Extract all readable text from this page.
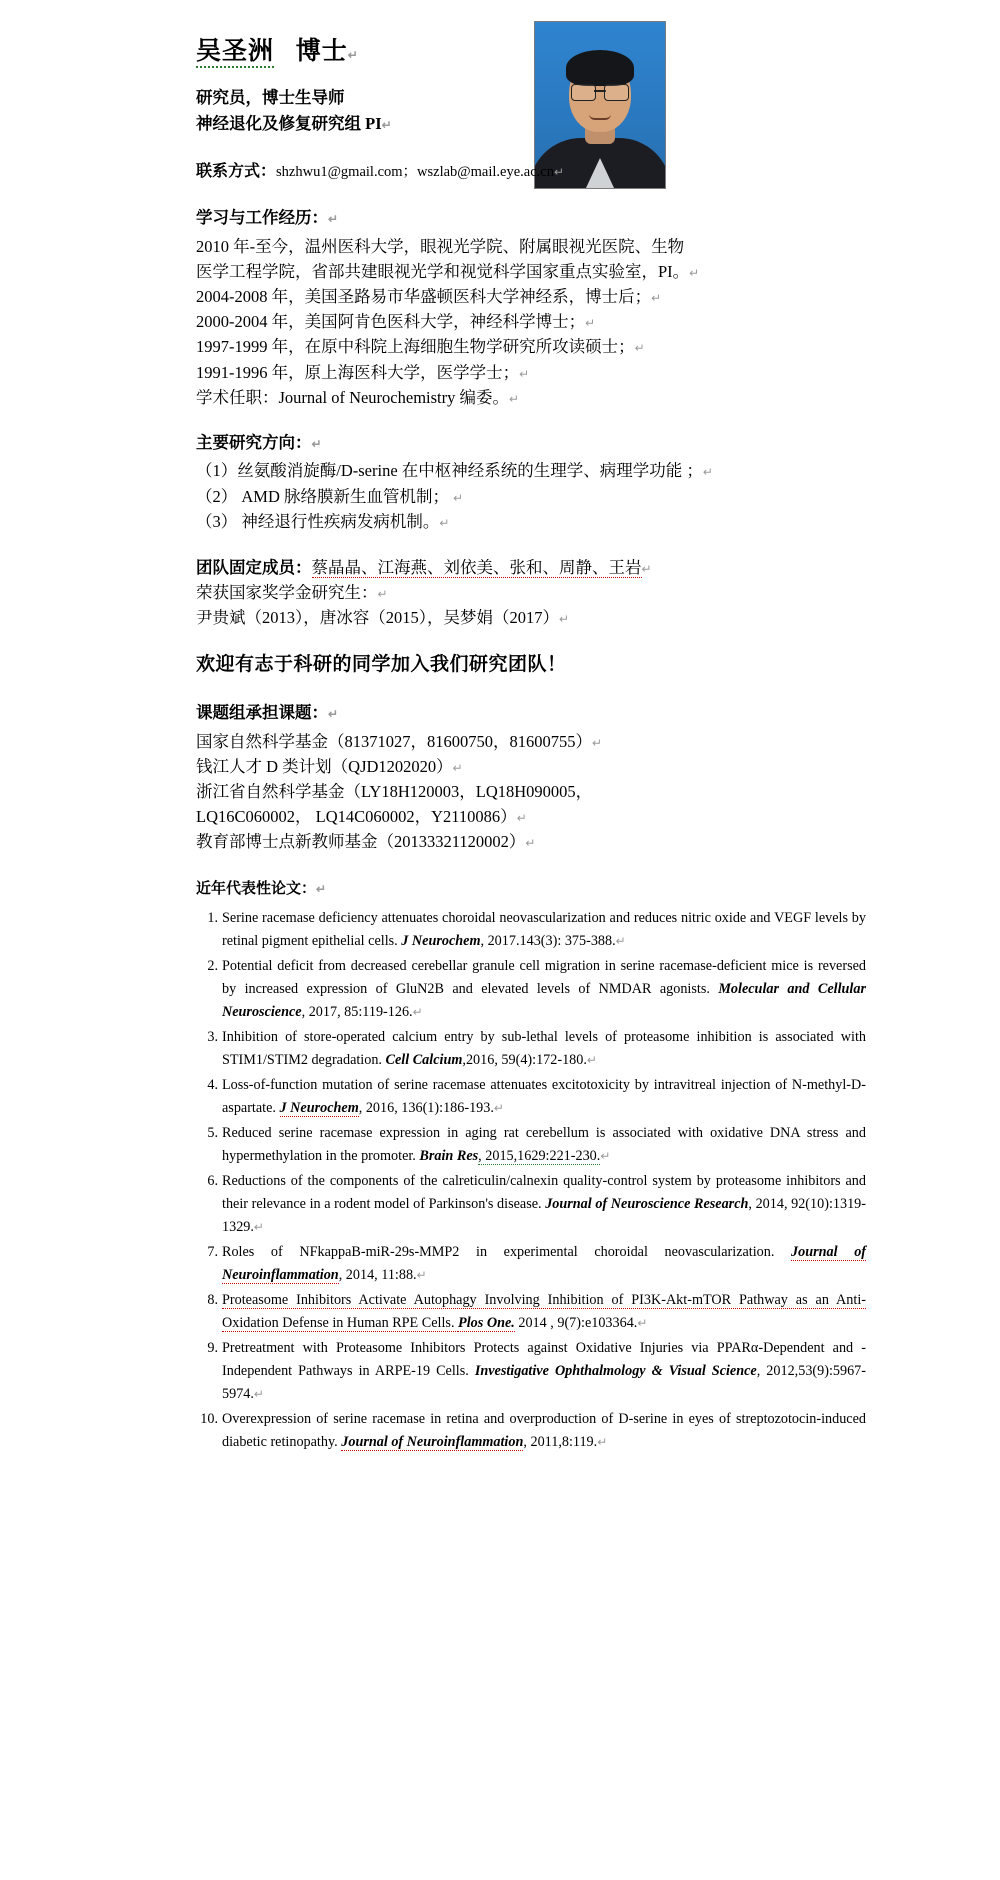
吴圣洲 博士↵
研究员，博士生导师
神经退化及修复研究组 PI↵
联系方式：shzhwu1@gmail.com；wszlab@mail.eye.ac.cn↵
学习与工作经历：↵
2010 年-至今，温州医科大学，眼视光学院、附属眼视光医院、生物
医学工程学院，省部共建眼视光学和视觉科学国家重点实验室，PI。↵
2004-2008 年，美国圣路易市华盛顿医科大学神经系，博士后；↵
2000-2004 年，美国阿肯色医科大学，神经科学博士；↵
1997-1999 年，在原中科院上海细胞生物学研究所攻读硕士；↵
1991-1996 年，原上海医科大学，医学学士；↵
学术任职：Journal of Neurochemistry 编委。↵
主要研究方向：↵
（1）丝氨酸消旋酶/D-serine 在中枢神经系统的生理学、病理学功能 ；↵
（2） AMD 脉络膜新生血管机制； ↵
（3） 神经退行性疾病发病机制。↵
团队固定成员：蔡晶晶、江海燕、刘依美、张和、周静、王岩↵
荣获国家奖学金研究生：↵
尹贵斌（2013），唐冰容（2015），吴梦娟（2017）↵
欢迎有志于科研的同学加入我们研究团队！
课题组承担课题：↵
国家自然科学基金（81371027，81600750，81600755）↵
钱江人才 D 类计划（QJD1202020）↵
浙江省自然科学基金（LY18H120003，LQ18H090005，
LQ16C060002， LQ14C060002，Y2110086）↵
教育部博士点新教师基金（20133321120002）↵
近年代表性论文：↵
1. Serine racemase deficiency attenuates choroidal neovascularization and reduces nitric oxide and VEGF levels by retinal pigment epithelial cells. J Neurochem, 2017.143(3): 375-388.↵
2. Potential deficit from decreased cerebellar granule cell migration in serine racemase-deficient mice is reversed by increased expression of GluN2B and elevated levels of NMDAR agonists. Molecular and Cellular Neuroscience, 2017, 85:119-126.↵
3. Inhibition of store-operated calcium entry by sub-lethal levels of proteasome inhibition is associated with STIM1/STIM2 degradation. Cell Calcium,2016, 59(4):172-180.↵
4. Loss-of-function mutation of serine racemase attenuates excitotoxicity by intravitreal injection of N-methyl-D-aspartate. J Neurochem, 2016, 136(1):186-193.↵
5. Reduced serine racemase expression in aging rat cerebellum is associated with oxidative DNA stress and hypermethylation in the promoter. Brain Res, 2015,1629:221-230.↵
6. Reductions of the components of the calreticulin/calnexin quality-control system by proteasome inhibitors and their relevance in a rodent model of Parkinson's disease. Journal of Neuroscience Research, 2014, 92(10):1319-1329.↵
7. Roles of NFkappaB-miR-29s-MMP2 in experimental choroidal neovascularization. Journal of Neuroinflammation, 2014, 11:88.↵
8. Proteasome Inhibitors Activate Autophagy Involving Inhibition of PI3K-Akt-mTOR Pathway as an Anti-Oxidation Defense in Human RPE Cells. Plos One. 2014 , 9(7):e103364.↵
9. Pretreatment with Proteasome Inhibitors Protects against Oxidative Injuries via PPARα-Dependent and -Independent Pathways in ARPE-19 Cells. Investigative Ophthalmology & Visual Science, 2012,53(9):5967-5974.↵
10. Overexpression of serine racemase in retina and overproduction of D-serine in eyes of streptozotocin-induced diabetic retinopathy. Journal of Neuroinflammation, 2011,8:119.↵
